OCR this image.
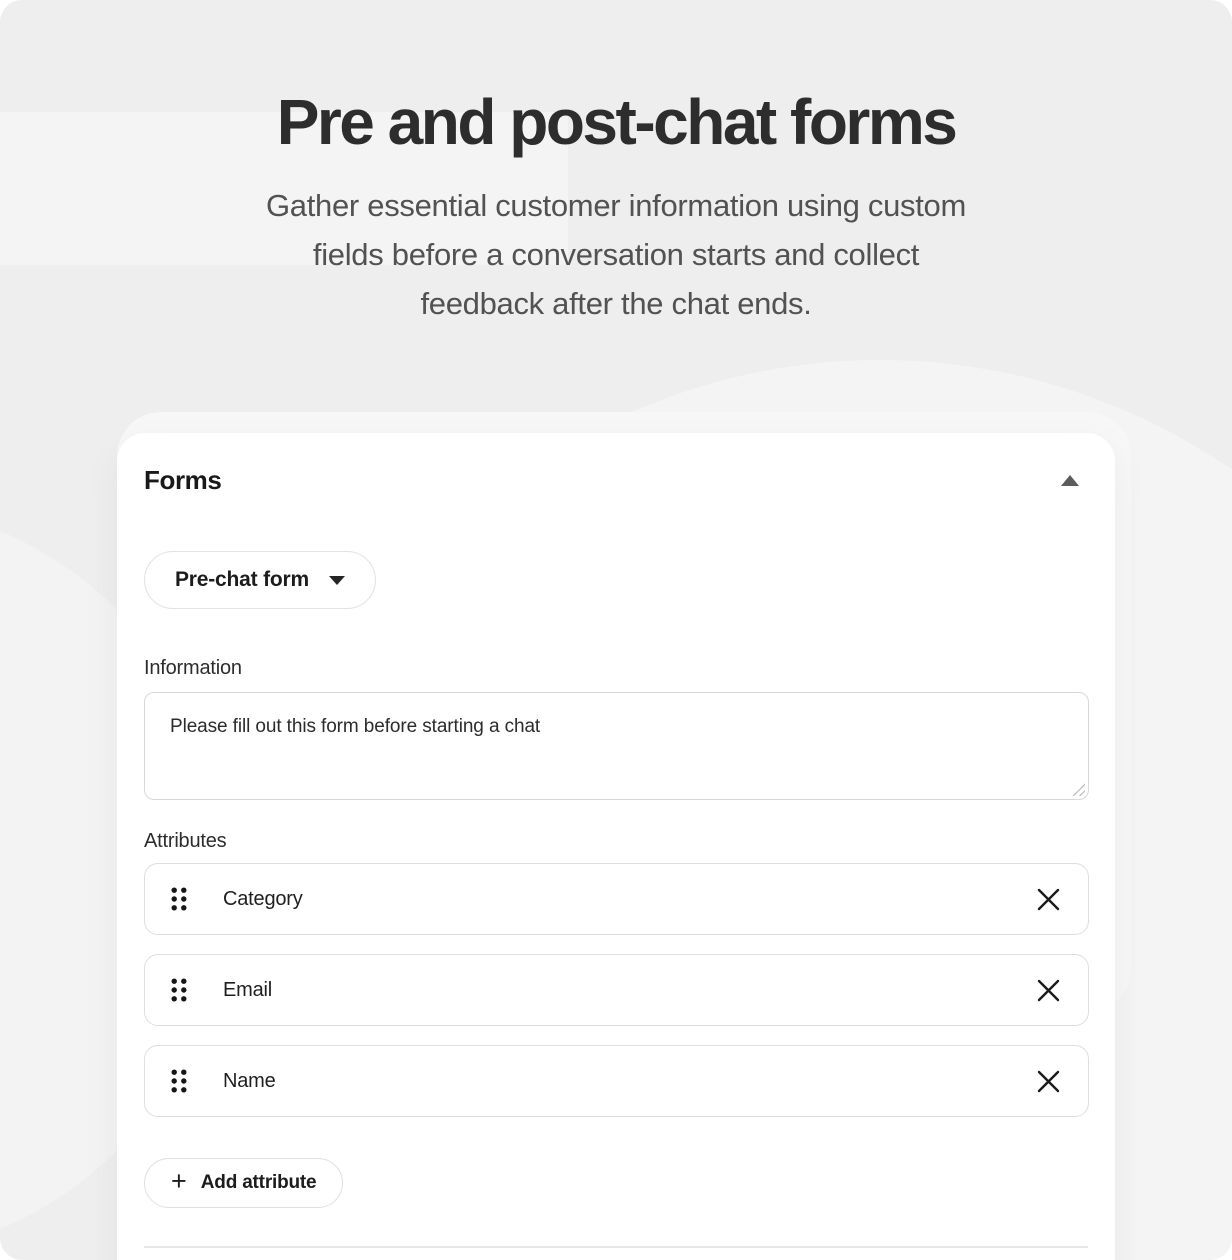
Pre and post-chat forms
Gather essential customer information using custom
fields before a conversation starts and collect
feedback after the chat ends.
Forms
Pre-chat form
Information
Please fill out this form before starting a chat
Attributes
Category
Email
Name
+ Add attribute
